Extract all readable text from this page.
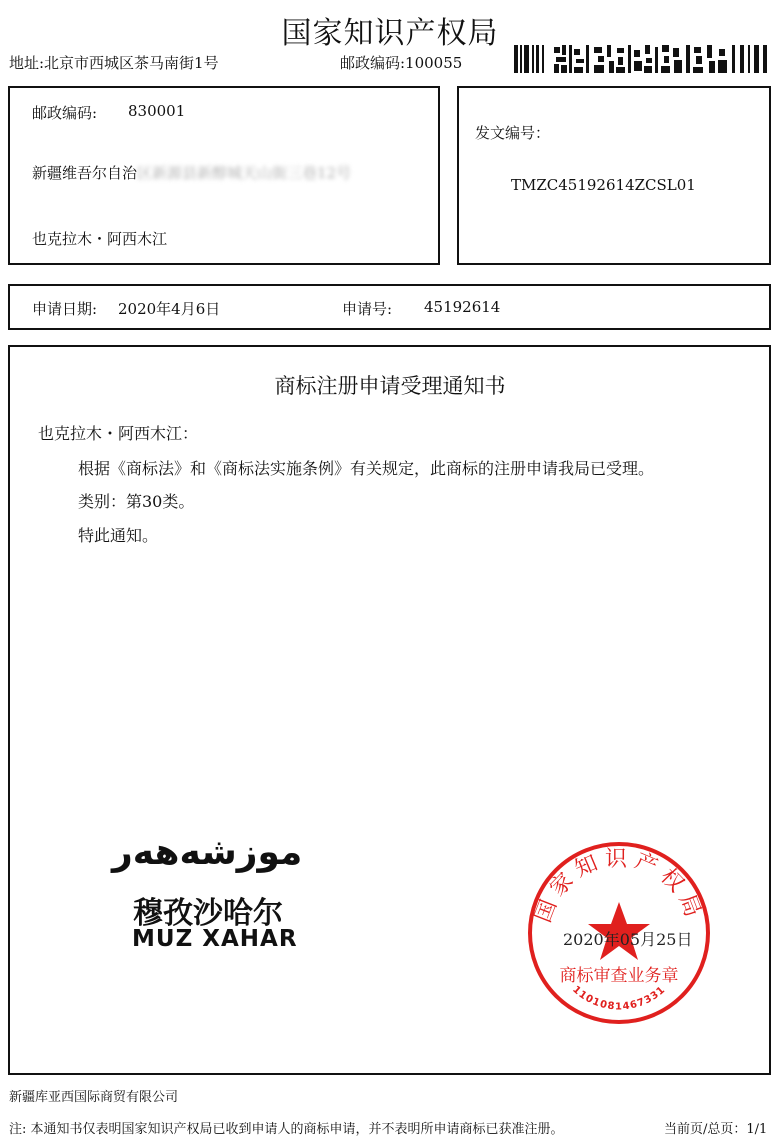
国家知识产权局
地址:北京市西城区茶马南街1号	邮政编码:100055
邮政编码: 830001
新疆维吾尔自治区新源县新醇城天山街三巷12号
也克拉木・阿西木江
发文编号：
TMZC45192614ZCSL01
申请日期: 2020年4月6日	申请号: 45192614
商标注册申请受理通知书
也克拉木・阿西木江：
根据《商标法》和《商标法实施条例》有关规定，此商标的注册申请我局已受理。
类别：第30类。
特此通知。
موزشەھەر
穆孜沙哈尔
MUZ XAHAR
国家知识产权局
商标审查业务章
1101081467331
2020年05月25日
新疆库亚西国际商贸有限公司
注: 本通知书仅表明国家知识产权局已收到申请人的商标申请，并不表明所申请商标已获准注册。	当前页/总页：1/1
